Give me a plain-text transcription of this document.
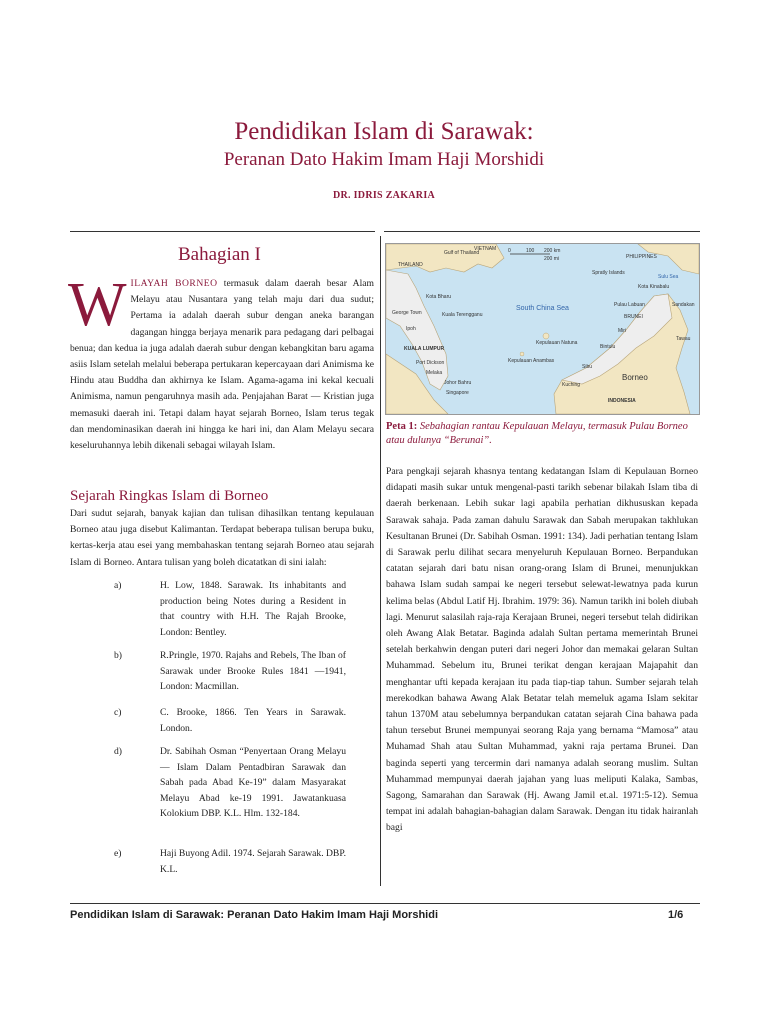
Pendidikan Islam di Sarawak:
Peranan Dato Hakim Imam Haji Morshidi
DR. IDRIS ZAKARIA
Bahagian I
WILAYAH BORNEO termasuk dalam daerah besar Alam Melayu atau Nusantara yang telah maju dari dua sudut; Pertama ia adalah daerah subur dengan aneka barangan dagangan hingga berjaya menarik para pedagang dari pelbagai benua; dan kedua ia juga adalah daerah subur dengan kebangkitan baru agama asiis Islam setelah melalui beberapa pertukaran kepercayaan dari Animisma ke Hindu atau Buddha dan akhirnya ke Islam. Agama-agama ini kekal kecuali Animisma, namun pengaruhnya masih ada. Penjajahan Barat — Kristian juga memasuki daerah ini. Tetapi dalam hayat sejarah Borneo, Islam terus tegak dan mendominasikan daerah ini hingga ke hari ini, dan Alam Melayu secara keseluruhannya lebih dikenali sebagai wilayah Islam.
Sejarah Ringkas Islam di Borneo
Dari sudut sejarah, banyak kajian dan tulisan dihasilkan tentang kepulauan Borneo atau juga disebut Kalimantan. Terdapat beberapa tulisan berupa buku, kertas-kerja atau esei yang membahaskan tentang sejarah Borneo atau sejarah Islam di Borneo. Antara tulisan yang boleh dicatatkan di sini ialah:
a)	H. Low, 1848. Sarawak. Its inhabitants and production being Notes during a Resident in that country with H.H. The Rajah Brooke, London: Bentley.
b)	R.Pringle, 1970. Rajahs and Rebels, The Iban of Sarawak under Brooke Rules 1841 —1941, London: Macmillan.
c)	C. Brooke, 1866. Ten Years in Sarawak. London.
d)	Dr. Sabihah Osman “Penyertaan Orang Melayu — Islam Dalam Pentadbiran Sarawak dan Sabah pada Abad Ke-19” dalam Masyarakat Melayu Abad ke-19 1991. Jawatankuasa Kolokium DBP. K.L. Hlm. 132-184.
e)	Haji Buyong Adil. 1974. Sejarah Sarawak. DBP. K.L.
Gulf of Thailand
VIETNAM
THAILAND
PHILIPPINES
South China Sea
Kota Bharu
George Town
Ipoh
Kuala Terengganu
KUALA LUMPUR
Port Dickson
Melaka
Johor Bahru
Singapore
Kepulauan Natuna
Kepulauan Anambas
Spratly Islands
Kota Kinabalu
Pulau Labuan
BRUNEI
Sandakan
Tawau
Kuching
Sibu
Bintulu
Miri
Borneo
INDONESIA
Sulu Sea
0	100 200 km
200 mi
Peta 1: Sebahagian rantau Kepulauan Melayu, termasuk Pulau Borneo atau dulunya “Berunai”.
Para pengkaji sejarah khasnya tentang kedatangan Islam di Kepulauan Borneo didapati masih sukar untuk mengenal-pasti tarikh sebenar bilakah Islam tiba di daerah berkenaan. Lebih sukar lagi apabila perhatian dikhususkan kepada Sarawak sahaja. Pada zaman dahulu Sarawak dan Sabah merupakan takhlukan Kesultanan Brunei (Dr. Sabihah Osman. 1991: 134). Jadi perhatian tentang Islam di Sarawak perlu dilihat secara menyeluruh Kepulauan Borneo. Berpandukan catatan sejarah dari batu nisan orang-orang Islam di Brunei, menunjukkan bahawa Islam sudah sampai ke negeri tersebut selewat-lewatnya pada kurun kelima belas (Abdul Latif Hj. Ibrahim. 1979: 36). Namun tarikh ini boleh diubah lagi. Menurut salasilah raja-raja Kerajaan Brunei, negeri tersebut telah didirikan oleh Awang Alak Betatar. Baginda adalah Sultan pertama memerintah Brunei setelah berkahwin dengan puteri dari negeri Johor dan memakai gelaran Sultan Muhammad. Sebelum itu, Brunei terikat dengan kerajaan Majapahit dan menghantar ufti kepada kerajaan itu pada tiap-tiap tahun. Sumber sejarah telah merekodkan bahawa Awang Alak Betatar telah memeluk agama Islam sekitar tahun 1370M atau sebelumnya berpandukan catatan sejarah Cina bahawa pada tahun tersebut Brunei mempunyai seorang Raja yang bernama “Mamosa” atau Muhamad Shah atau Sultan Muhammad, yakni raja pertama Brunei. Dan baginda seperti yang tercermin dari namanya adalah seorang muslim. Sultan Muhammad mempunyai daerah jajahan yang luas meliputi Kalaka, Sambas, Sagong, Samarahan dan Sarawak (Hj. Awang Jamil et.al. 1971:5-12). Semua tempat ini adalah bahagian-bahagian dalam Sarawak. Dengan itu tidak hairanlah bagi
Pendidikan Islam di Sarawak: Peranan Dato Hakim Imam Haji Morshidi	1/6
